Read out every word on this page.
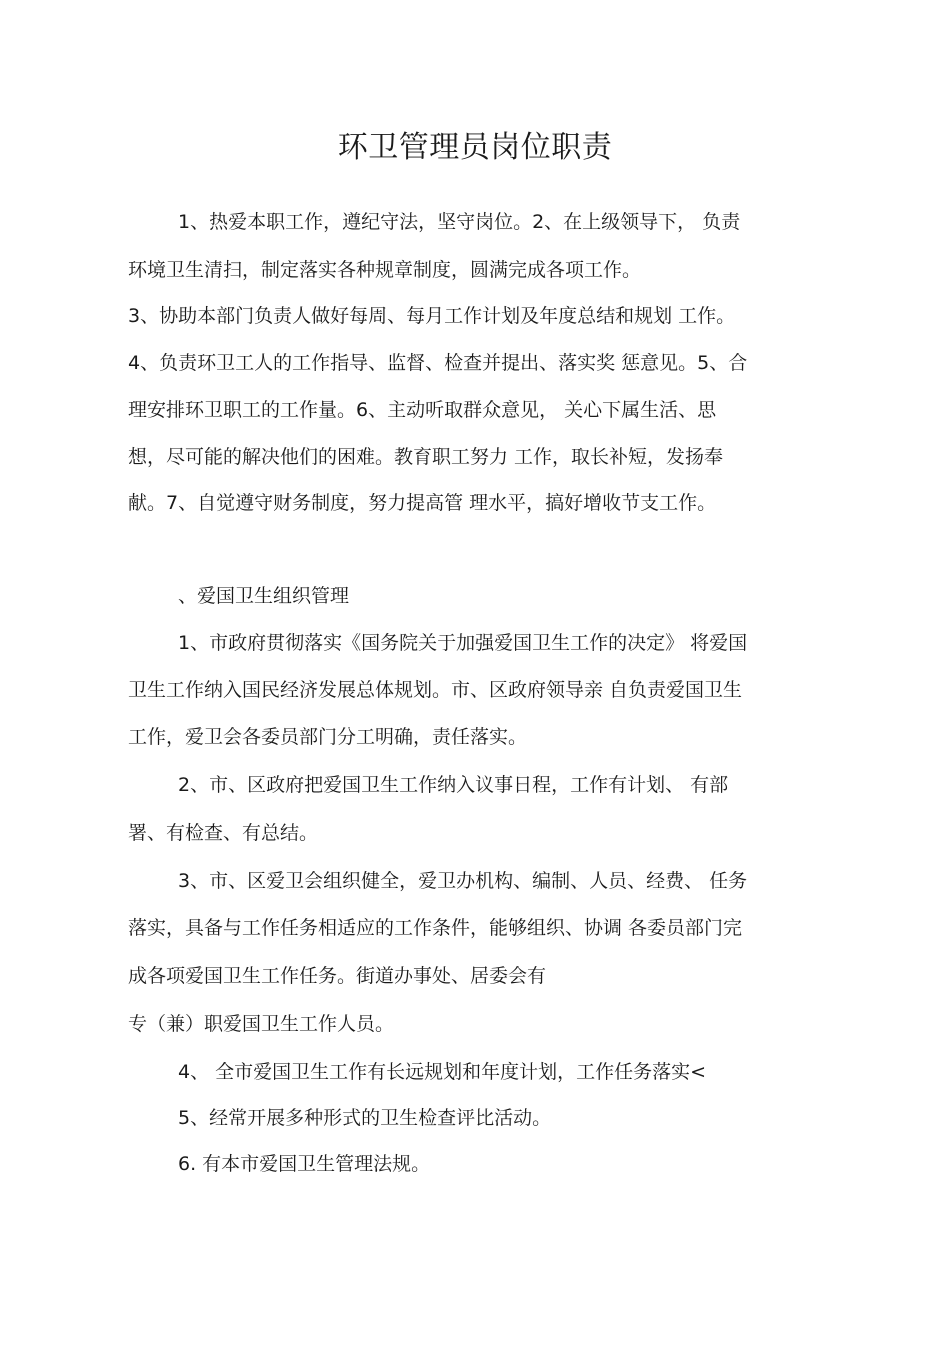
环卫管理员岗位职责
1、热爱本职工作，遵纪守法，坚守岗位。2、在上级领导下， 负责
环境卫生清扫，制定落实各种规章制度，圆满完成各项工作。
3、协助本部门负责人做好每周、每月工作计划及年度总结和规划 工作。
4、负责环卫工人的工作指导、监督、检查并提出、落实奖 惩意见。5、合
理安排环卫职工的工作量。6、主动听取群众意见， 关心下属生活、思
想，尽可能的解决他们的困难。教育职工努力 工作，取长补短，发扬奉
献。7、自觉遵守财务制度，努力提高管 理水平，搞好增收节支工作。
、爱国卫生组织管理
1、市政府贯彻落实《国务院关于加强爱国卫生工作的决定》 将爱国
卫生工作纳入国民经济发展总体规划。市、区政府领导亲 自负责爱国卫生
工作，爱卫会各委员部门分工明确，责任落实。
2、市、区政府把爱国卫生工作纳入议事日程，工作有计划、 有部
署、有检查、有总结。
3、市、区爱卫会组织健全，爱卫办机构、编制、人员、经费、 任务
落实，具备与工作任务相适应的工作条件，能够组织、协调 各委员部门完
成各项爱国卫生工作任务。街道办事处、居委会有
专（兼）职爱国卫生工作人员。
4、 全市爱国卫生工作有长远规划和年度计划，工作任务落实<
5、经常开展多种形式的卫生检查评比活动。
6. 有本市爱国卫生管理法规。
